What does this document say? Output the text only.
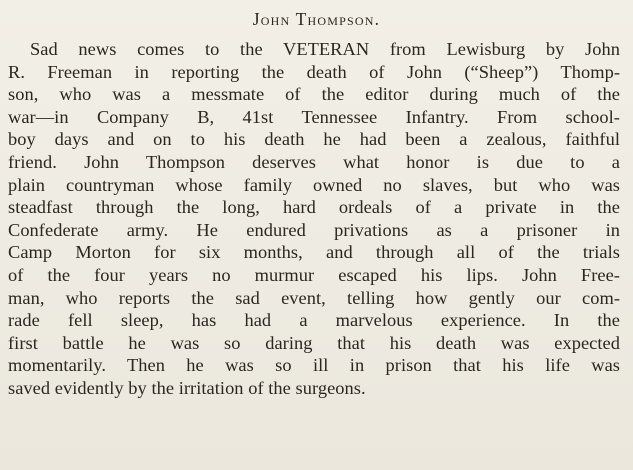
John Thompson.
Sad news comes to the VETERAN from Lewisburg by John
R. Freeman in reporting the death of John (“Sheep”) Thomp-
son, who was a messmate of the editor during much of the
war—in Company B, 41st Tennessee Infantry. From school-
boy days and on to his death he had been a zealous, faithful
friend. John Thompson deserves what honor is due to a
plain countryman whose family owned no slaves, but who was
steadfast through the long, hard ordeals of a private in the
Confederate army. He endured privations as a prisoner in
Camp Morton for six months, and through all of the trials
of the four years no murmur escaped his lips. John Free-
man, who reports the sad event, telling how gently our com-
rade fell sleep, has had a marvelous experience. In the
first battle he was so daring that his death was expected
momentarily. Then he was so ill in prison that his life was
saved evidently by the irritation of the surgeons.
